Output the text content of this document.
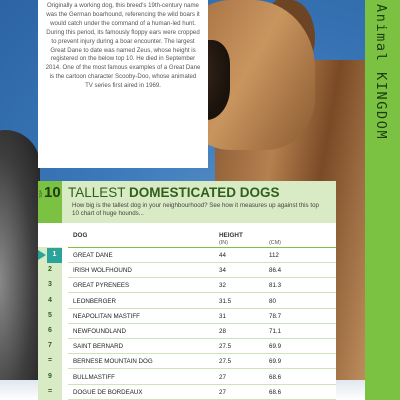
Originally a working dog, this breed's 19th-century name was the German boarhound, referencing the wild boars it would catch under the command of a human-led hunt. During this period, its famously floppy ears were cropped to prevent injury during a boar encounter. The largest Great Dane to date was named Zeus, whose height is registered on the below top 10. He died in September 2014. One of the most famous examples of a Great Dane is the cartoon character Scooby-Doo, whose animated TV series first aired in 1969.	Animal KINGDOM
TOP 10 TALLEST DOMESTICATED DOGS
How big is the tallest dog in your neighbourhood? See how it measures up against this top 10 chart of huge hounds...
DOG	HEIGHT
(IN)	(CM)
1	GREAT DANE	44	112
2	IRISH WOLFHOUND	34	86.4
3	GREAT PYRENEES	32	81.3
4	LEONBERGER	31.5	80
5	NEAPOLITAN MASTIFF	31	78.7
6	NEWFOUNDLAND	28	71.1
7	SAINT BERNARD	27.5	69.9
=	BERNESE MOUNTAIN DOG	27.5	69.9
9	BULLMASTIFF	27	68.6
=	DOGUE DE BORDEAUX	27	68.6
